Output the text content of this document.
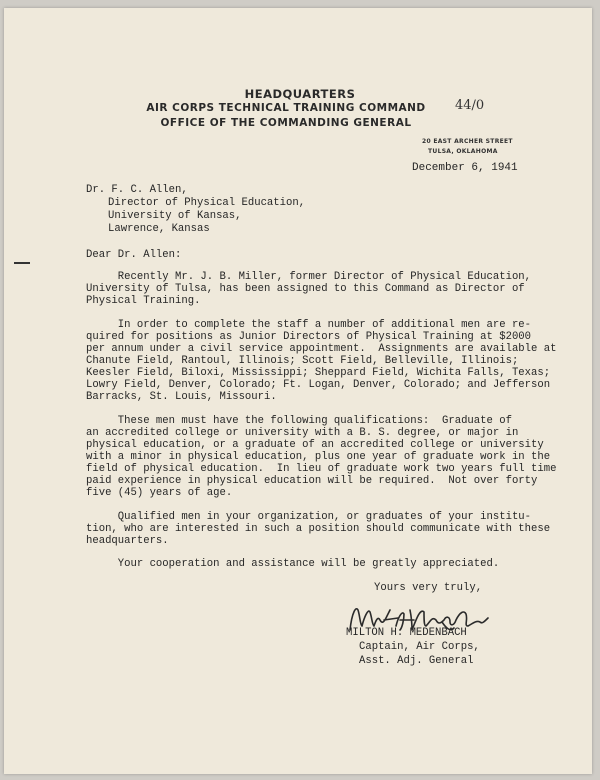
HEADQUARTERS
AIR CORPS TECHNICAL TRAINING COMMAND
OFFICE OF THE COMMANDING GENERAL
44/0
20 EAST ARCHER STREET
TULSA, OKLAHOMA
December 6, 1941
Dr. F. C. Allen,
Director of Physical Education,
University of Kansas,
Lawrence, Kansas
Dear Dr. Allen:
Recently Mr. J. B. Miller, former Director of Physical Education,
University of Tulsa, has been assigned to this Command as Director of
Physical Training.
In order to complete the staff a number of additional men are re-
quired for positions as Junior Directors of Physical Training at $2000
per annum under a civil service appointment.  Assignments are available at
Chanute Field, Rantoul, Illinois; Scott Field, Belleville, Illinois;
Keesler Field, Biloxi, Mississippi; Sheppard Field, Wichita Falls, Texas;
Lowry Field, Denver, Colorado; Ft. Logan, Denver, Colorado; and Jefferson
Barracks, St. Louis, Missouri.
These men must have the following qualifications:  Graduate of
an accredited college or university with a B. S. degree, or major in
physical education, or a graduate of an accredited college or university
with a minor in physical education, plus one year of graduate work in the
field of physical education.  In lieu of graduate work two years full time
paid experience in physical education will be required.  Not over forty
five (45) years of age.
Qualified men in your organization, or graduates of your institu-
tion, who are interested in such a position should communicate with these
headquarters.
Your cooperation and assistance will be greatly appreciated.
Yours very truly,
MILTON H. MEDENBACH
Captain, Air Corps,
Asst. Adj. General
